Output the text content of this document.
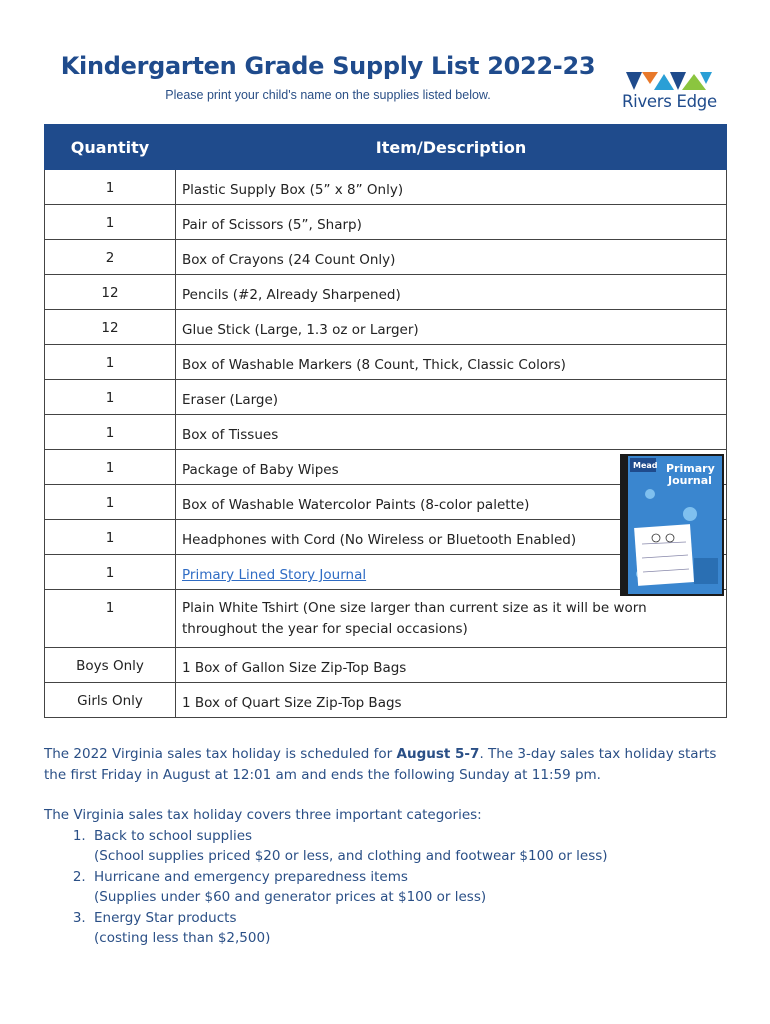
Kindergarten Grade Supply List 2022-23
Please print your child's name on the supplies listed below.	Rivers Edge
Quantity	Item/Description
1	Plastic Supply Box (5” x 8” Only)
1	Pair of Scissors (5”, Sharp)
2	Box of Crayons (24 Count Only)
12	Pencils (#2, Already Sharpened)
12	Glue Stick (Large, 1.3 oz or Larger)
1	Box of Washable Markers (8 Count, Thick, Classic Colors)
1	Eraser (Large)
1	Box of Tissues
1	Package of Baby Wipes
1	Box of Washable Watercolor Paints (8-color palette)
1	Headphones with Cord (No Wireless or Bluetooth Enabled)
1	Primary Lined Story Journal
1	Plain White Tshirt (One size larger than current size as it will be worn throughout the year for special occasions)
Boys Only	1 Box of Gallon Size Zip-Top Bags
Girls Only	1 Box of Quart Size Zip-Top Bags
Mead Primary
Journal

The 2022 Virginia sales tax holiday is scheduled for August 5-7. The 3-day sales tax holiday starts the first Friday in August at 12:01 am and ends the following Sunday at 11:59 pm.

The Virginia sales tax holiday covers three important categories:

1. Back to school supplies
(School supplies priced $20 or less, and clothing and footwear $100 or less)
2. Hurricane and emergency preparedness items
(Supplies under $60 and generator prices at $100 or less)
3. Energy Star products
(costing less than $2,500)
